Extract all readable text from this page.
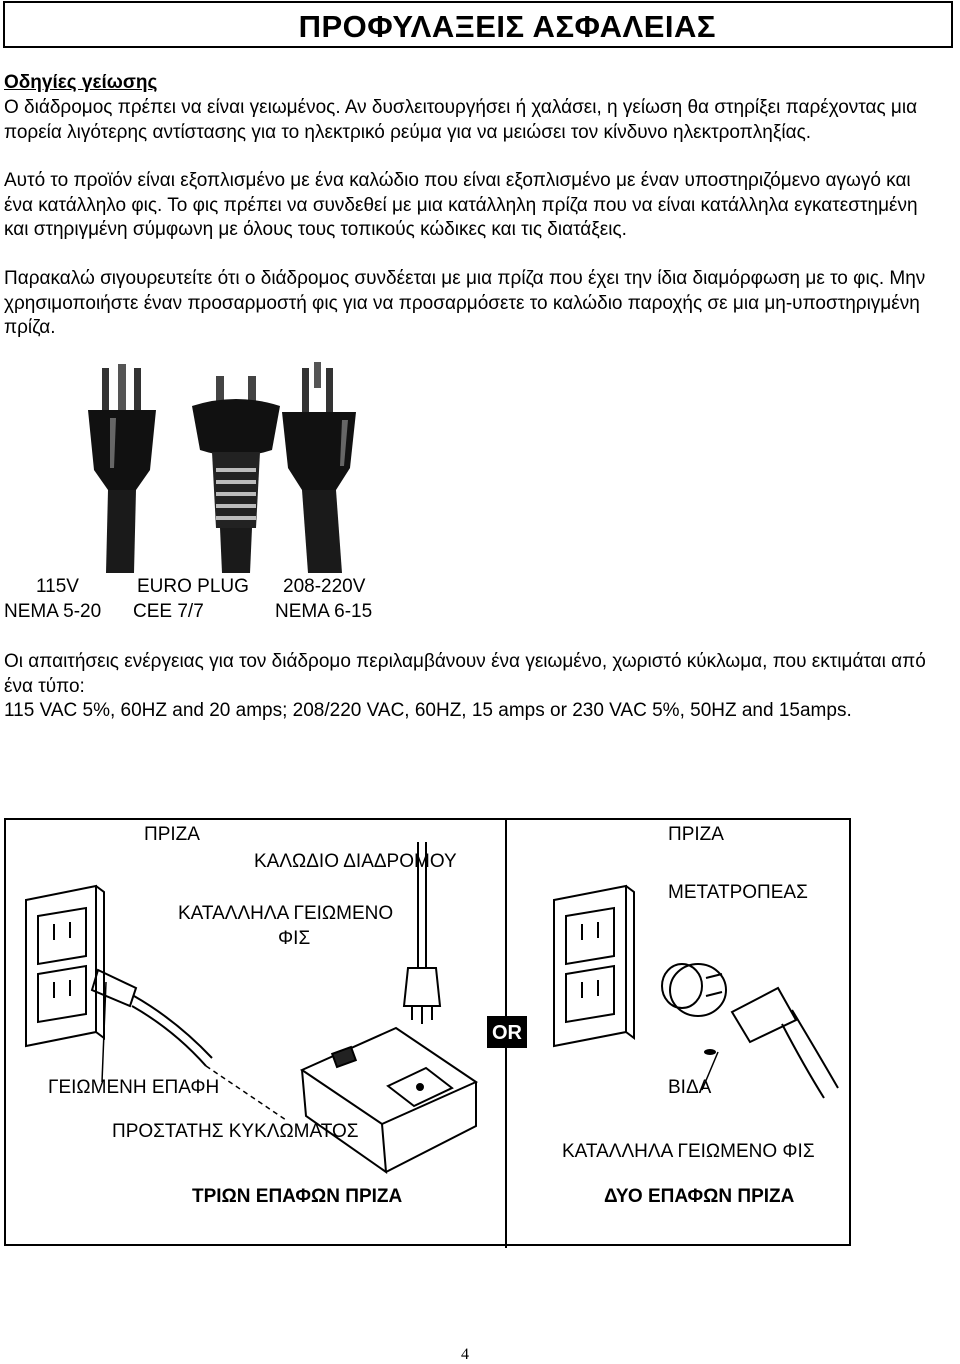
ΠΡΟΦΥΛΑΞΕΙΣ ΑΣΦΑΛΕΙΑΣ
Οδηγίες γείωσης
Ο διάδρομος πρέπει να είναι γειωμένος. Αν δυσλειτουργήσει ή χαλάσει, η γείωση θα στηρίξει παρέχοντας μια πορεία λιγότερης αντίστασης για το ηλεκτρικό ρεύμα για να μειώσει τον κίνδυνο ηλεκτροπληξίας.
Αυτό το προϊόν είναι εξοπλισμένο με ένα καλώδιο που είναι εξοπλισμένο με έναν υποστηριζόμενο αγωγό και ένα κατάλληλο φις. Το φις πρέπει να συνδεθεί με μια κατάλληλη πρίζα που να είναι κατάλληλα εγκατεστημένη και στηριγμένη σύμφωνη με όλους τους τοπικούς κώδικες και τις διατάξεις.
Παρακαλώ σιγουρευτείτε ότι ο διάδρομος συνδέεται με μια πρίζα που έχει την ίδια διαμόρφωση με το φις. Μην χρησιμοποιήστε έναν προσαρμοστή φις για να προσαρμόσετε το καλώδιο παροχής σε μια μη-υποστηριγμένη πρίζα.
115V	EURO PLUG 208-220V
NEMA 5-20 CEE 7/7	NEMA 6-15
Οι απαιτήσεις ενέργειας για τον διάδρομο περιλαμβάνουν ένα γειωμένο, χωριστό κύκλωμα, που εκτιμάται από ένα τύπο:
115 VAC 5%, 60HZ and 20 amps; 208/220 VAC, 60HZ, 15 amps or 230 VAC 5%, 50HZ and 15amps.
OR
ΠΡΙΖΑ
ΚΑΛΩΔΙΟ ΔΙΑΔΡΟΜΟΥ
ΚΑΤΑΛΛΗΛΑ ΓΕΙΩΜΕΝΟ
ΦΙΣ
ΓΕΙΩΜΕΝΗ ΕΠΑΦΗ
ΠΡΟΣΤΑΤΗΣ ΚΥΚΛΩΜΑΤΟΣ
ΤΡΙΩΝ ΕΠΑΦΩΝ ΠΡΙΖΑ
ΠΡΙΖΑ
ΜΕΤΑΤΡΟΠΕΑΣ
ΒΙΔΑ
ΚΑΤΑΛΛΗΛΑ ΓΕΙΩΜΕΝΟ ΦΙΣ
ΔΥΟ ΕΠΑΦΩΝ ΠΡΙΖΑ
4
